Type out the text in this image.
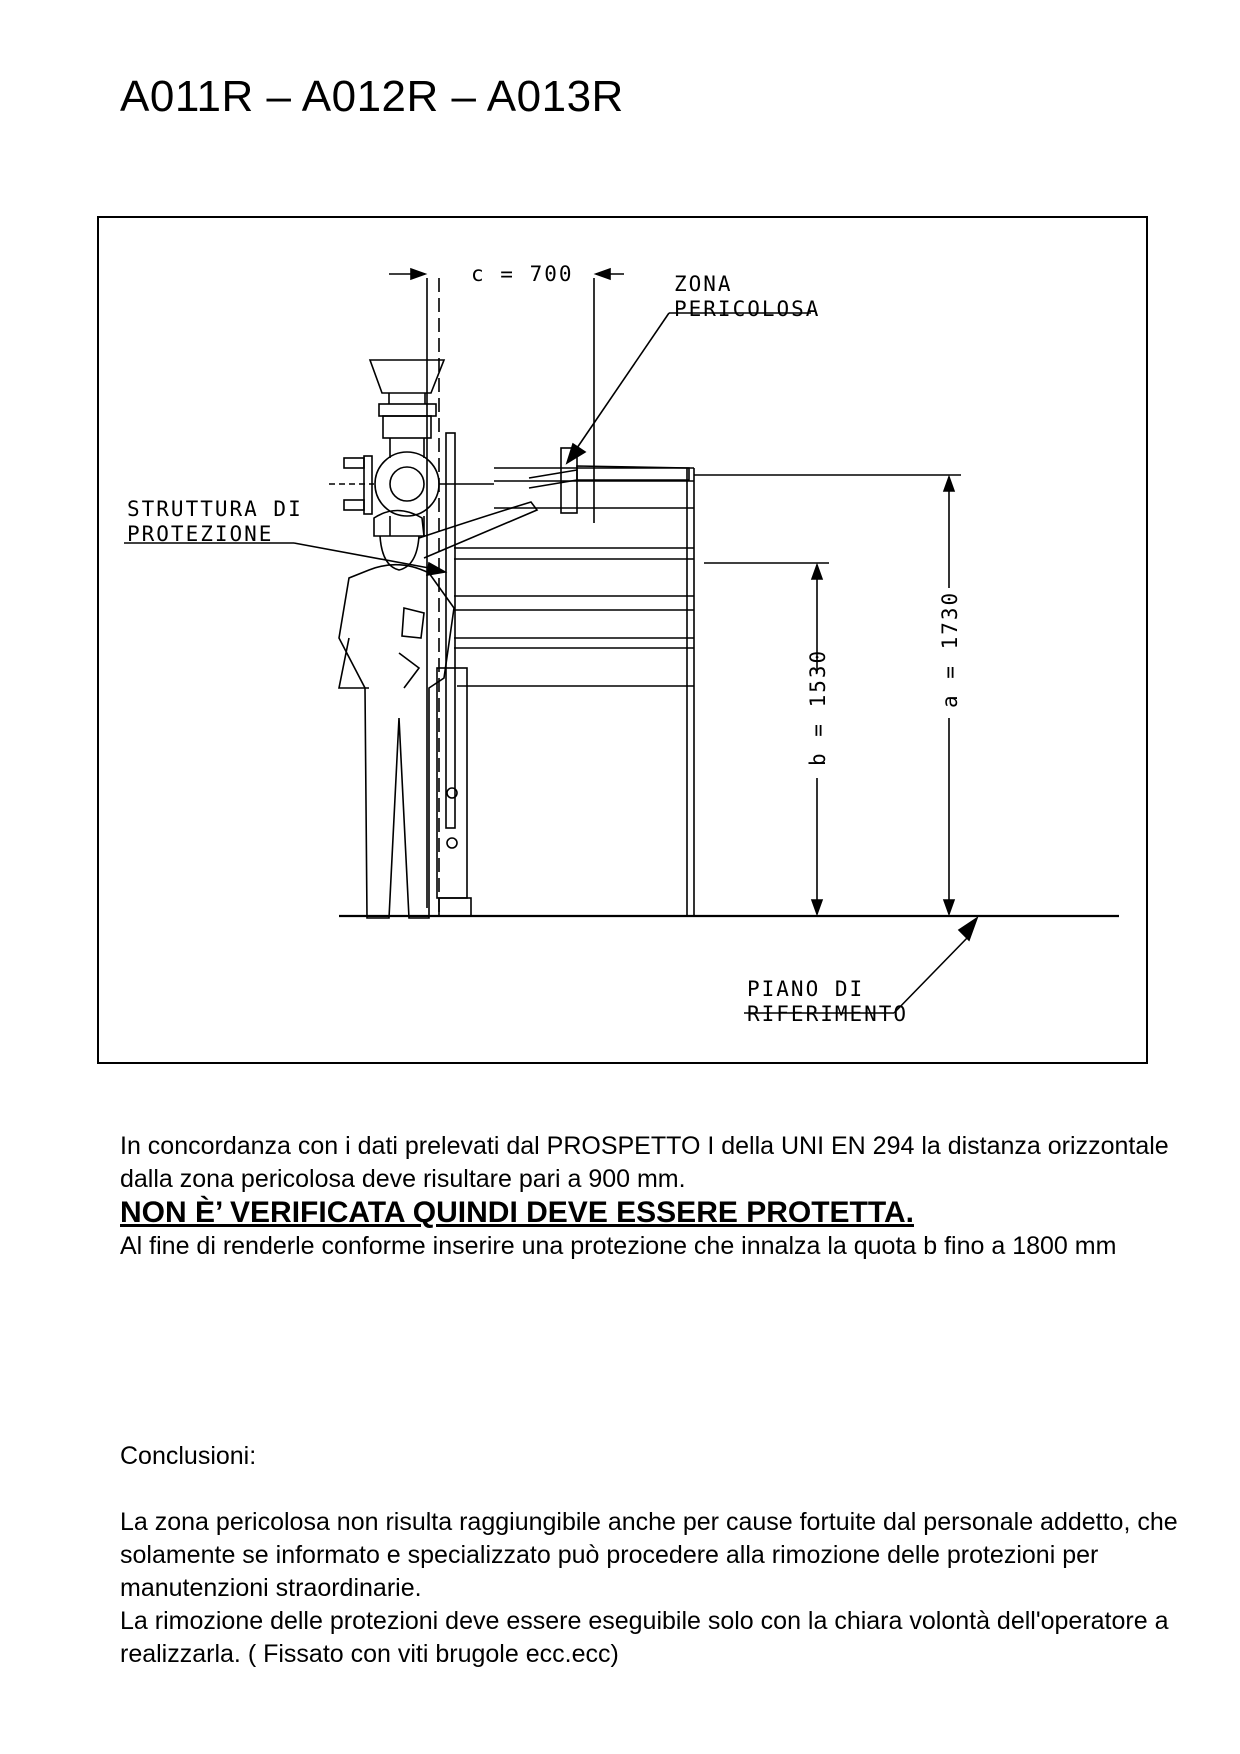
A011R – A012R – A013R
c = 700
b = 1530	a = 1730
ZONA
PERICOLOSA
STRUTTURA DI
PROTEZIONE
PIANO DI
RIFERIMENTO

In concordanza con i dati prelevati dal PROSPETTO I della UNI EN 294 la distanza orizzontale dalla zona pericolosa deve risultare pari a 900 mm.

NON È’ VERIFICATA QUINDI DEVE ESSERE PROTETTA.

Al fine di renderle conforme inserire una protezione che innalza la quota b fino a 1800 mm

Conclusioni:

La zona pericolosa non risulta raggiungibile anche per cause fortuite dal personale addetto, che solamente se informato e specializzato può procedere alla rimozione delle protezioni per manutenzioni straordinarie.

La rimozione delle protezioni deve essere eseguibile solo con la chiara volontà dell'operatore a realizzarla. ( Fissato con viti brugole ecc.ecc)
